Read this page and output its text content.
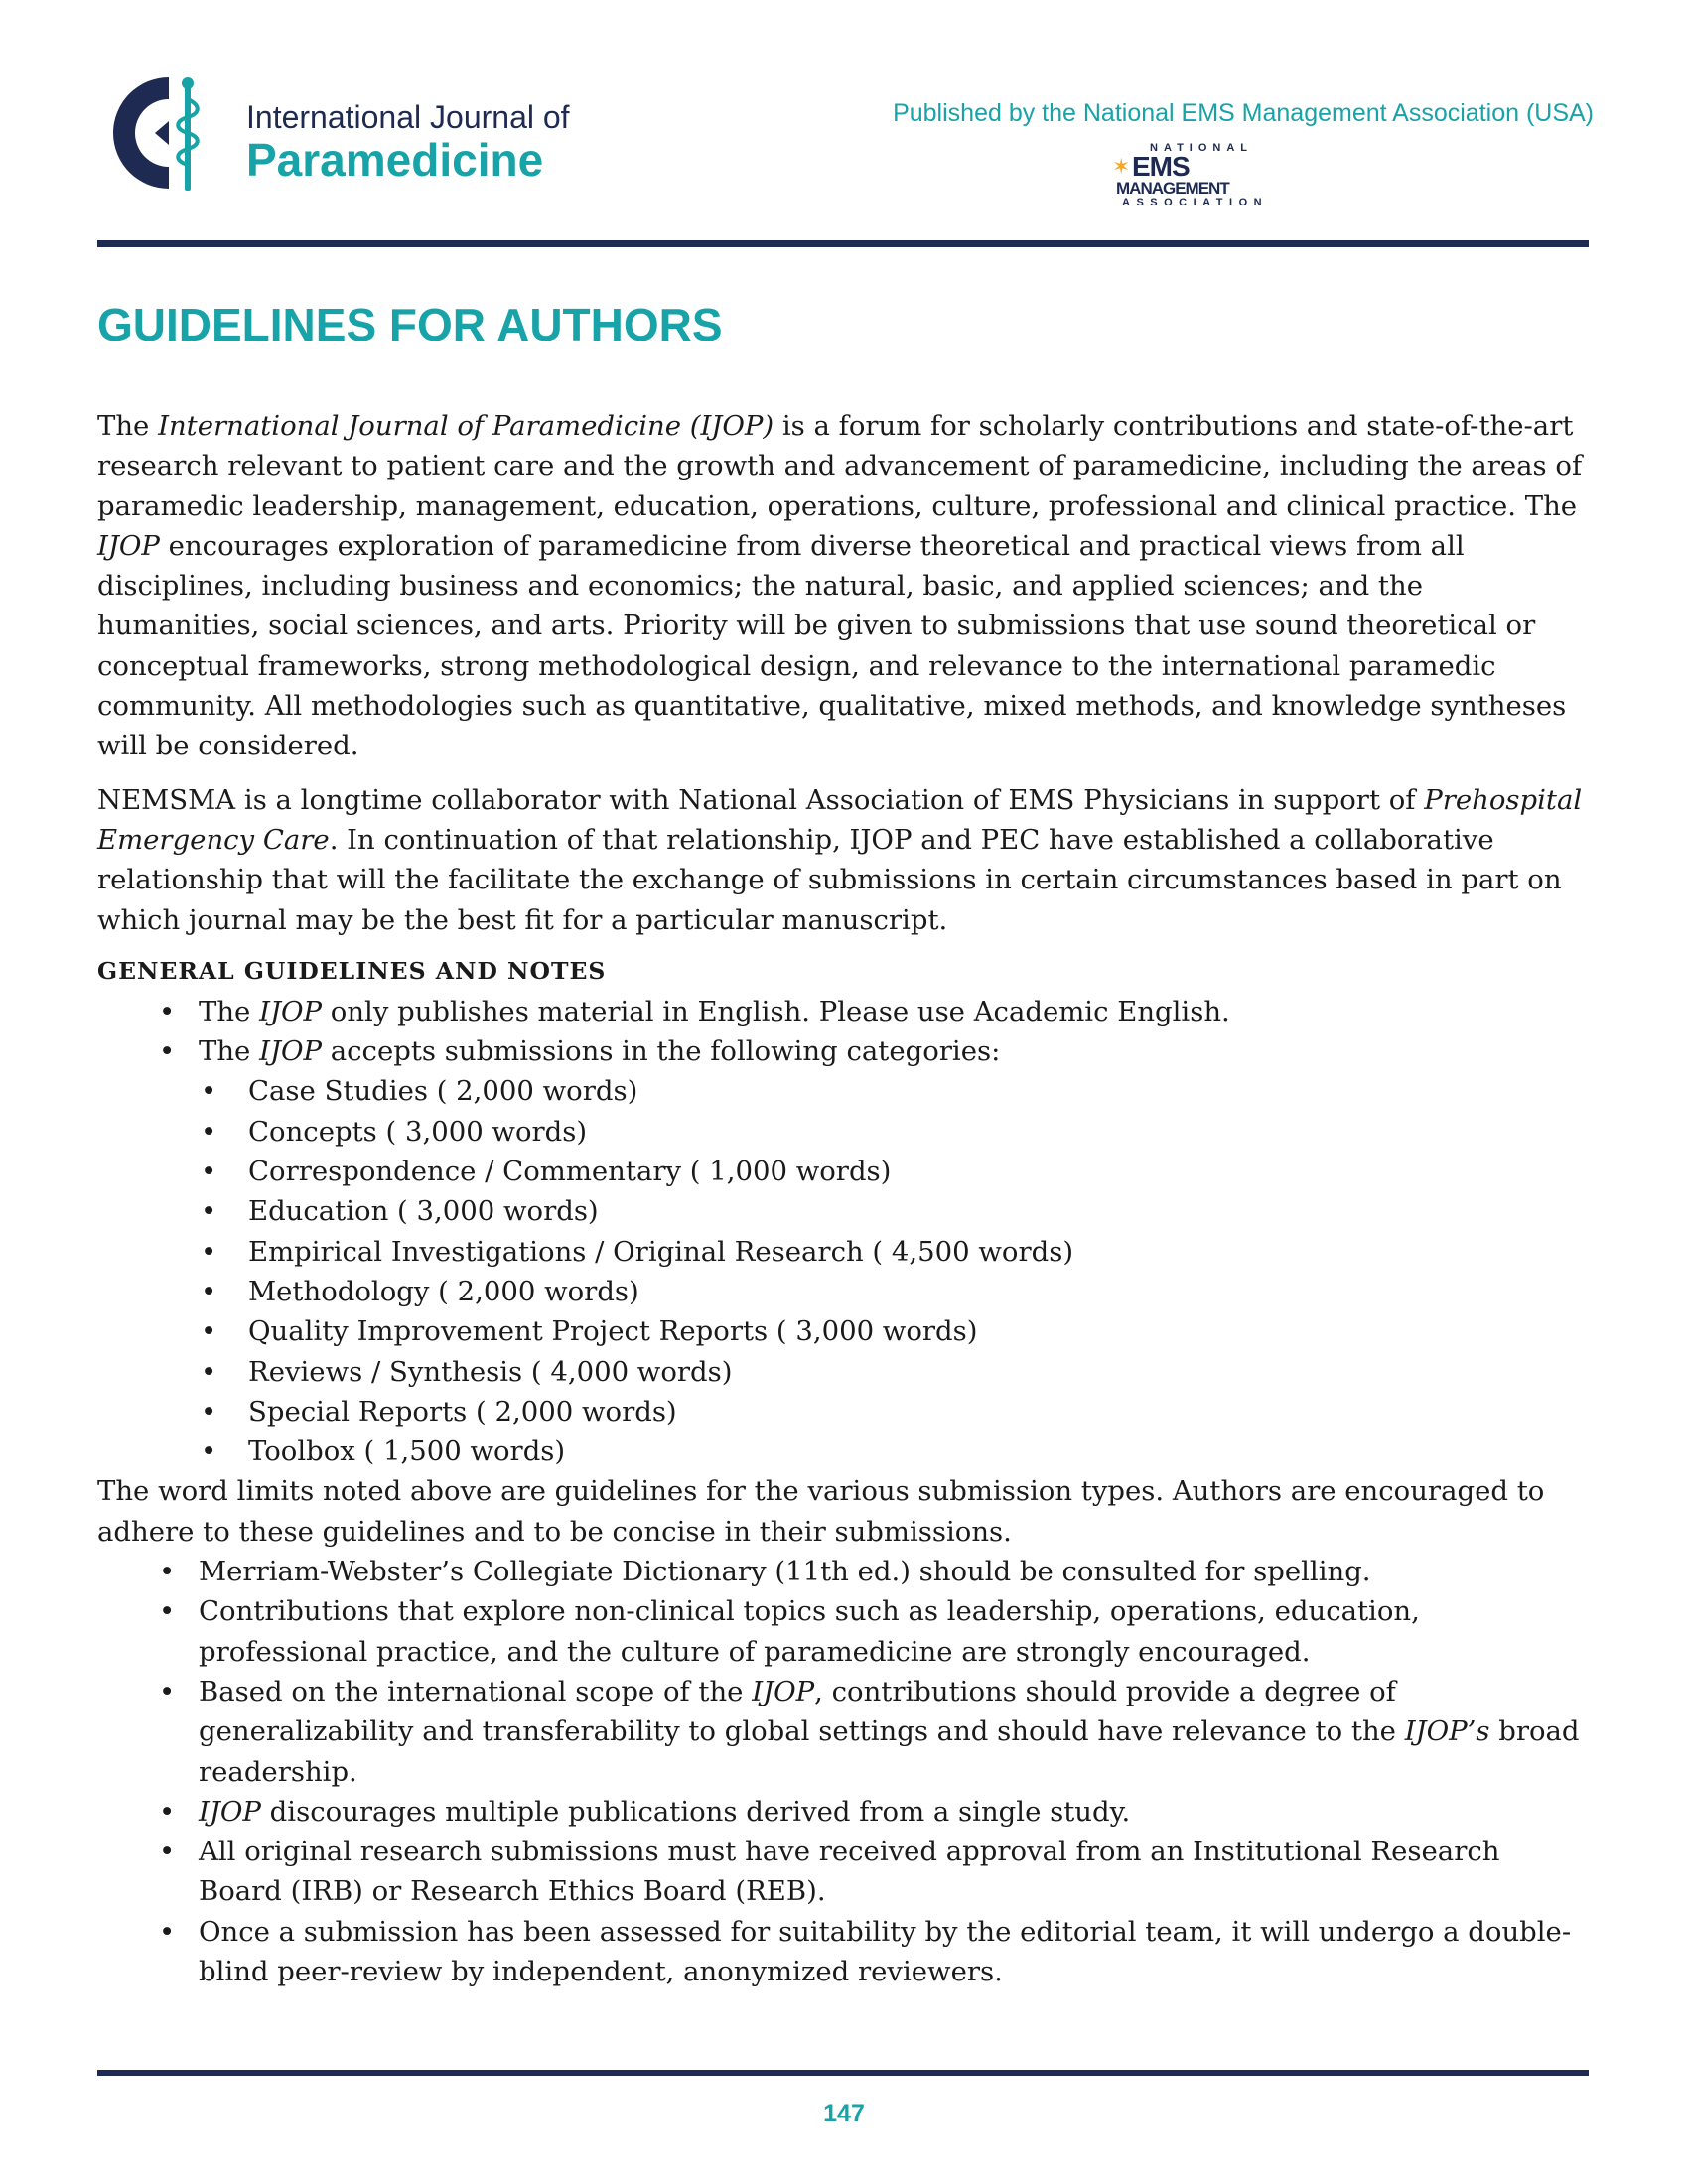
International Journal of
Paramedicine
Published by the National EMS Management Association (USA)
✶
NATIONAL
EMS
MANAGEMENT
ASSOCIATION
GUIDELINES FOR AUTHORS

The International Journal of Paramedicine (IJOP) is a forum for scholarly contributions and state-of-the-art research relevant to patient care and the growth and advancement of paramedicine, including the areas of paramedic leadership, management, education, operations, culture, professional and clinical practice. The IJOP encourages exploration of paramedicine from diverse theoretical and practical views from all disciplines, including business and economics; the natural, basic, and applied sciences; and the humanities, social sciences, and arts. Priority will be given to submissions that use sound theoretical or conceptual frameworks, strong methodological design, and relevance to the international paramedic community. All methodologies such as quantitative, qualitative, mixed methods, and knowledge syntheses will be considered.

NEMSMA is a longtime collaborator with National Association of EMS Physicians in support of Prehospital Emergency Care. In continuation of that relationship, IJOP and PEC have established a collaborative relationship that will the facilitate the exchange of submissions in certain circumstances based in part on which journal may be the best fit for a particular manuscript.

GENERAL GUIDELINES AND NOTES
• The IJOP only publishes material in English. Please use Academic English.
• The IJOP accepts submissions in the following categories:
• Case Studies ( 2,000 words)
• Concepts ( 3,000 words)
• Correspondence / Commentary ( 1,000 words)
• Education ( 3,000 words)
• Empirical Investigations / Original Research ( 4,500 words)
• Methodology ( 2,000 words)
• Quality Improvement Project Reports ( 3,000 words)
• Reviews / Synthesis ( 4,000 words)
• Special Reports ( 2,000 words)
• Toolbox ( 1,500 words)

The word limits noted above are guidelines for the various submission types. Authors are encouraged to adhere to these guidelines and to be concise in their submissions.

• Merriam-Webster’s Collegiate Dictionary (11th ed.) should be consulted for spelling.
• Contributions that explore non-clinical topics such as leadership, operations, education, professional practice, and the culture of paramedicine are strongly encouraged.
• Based on the international scope of the IJOP, contributions should provide a degree of generalizability and transferability to global settings and should have relevance to the IJOP’s broad readership.
• IJOP discourages multiple publications derived from a single study.
• All original research submissions must have received approval from an Institutional Research Board (IRB) or Research Ethics Board (REB).
• Once a submission has been assessed for suitability by the editorial team, it will undergo a double-blind peer-review by independent, anonymized reviewers.
147
